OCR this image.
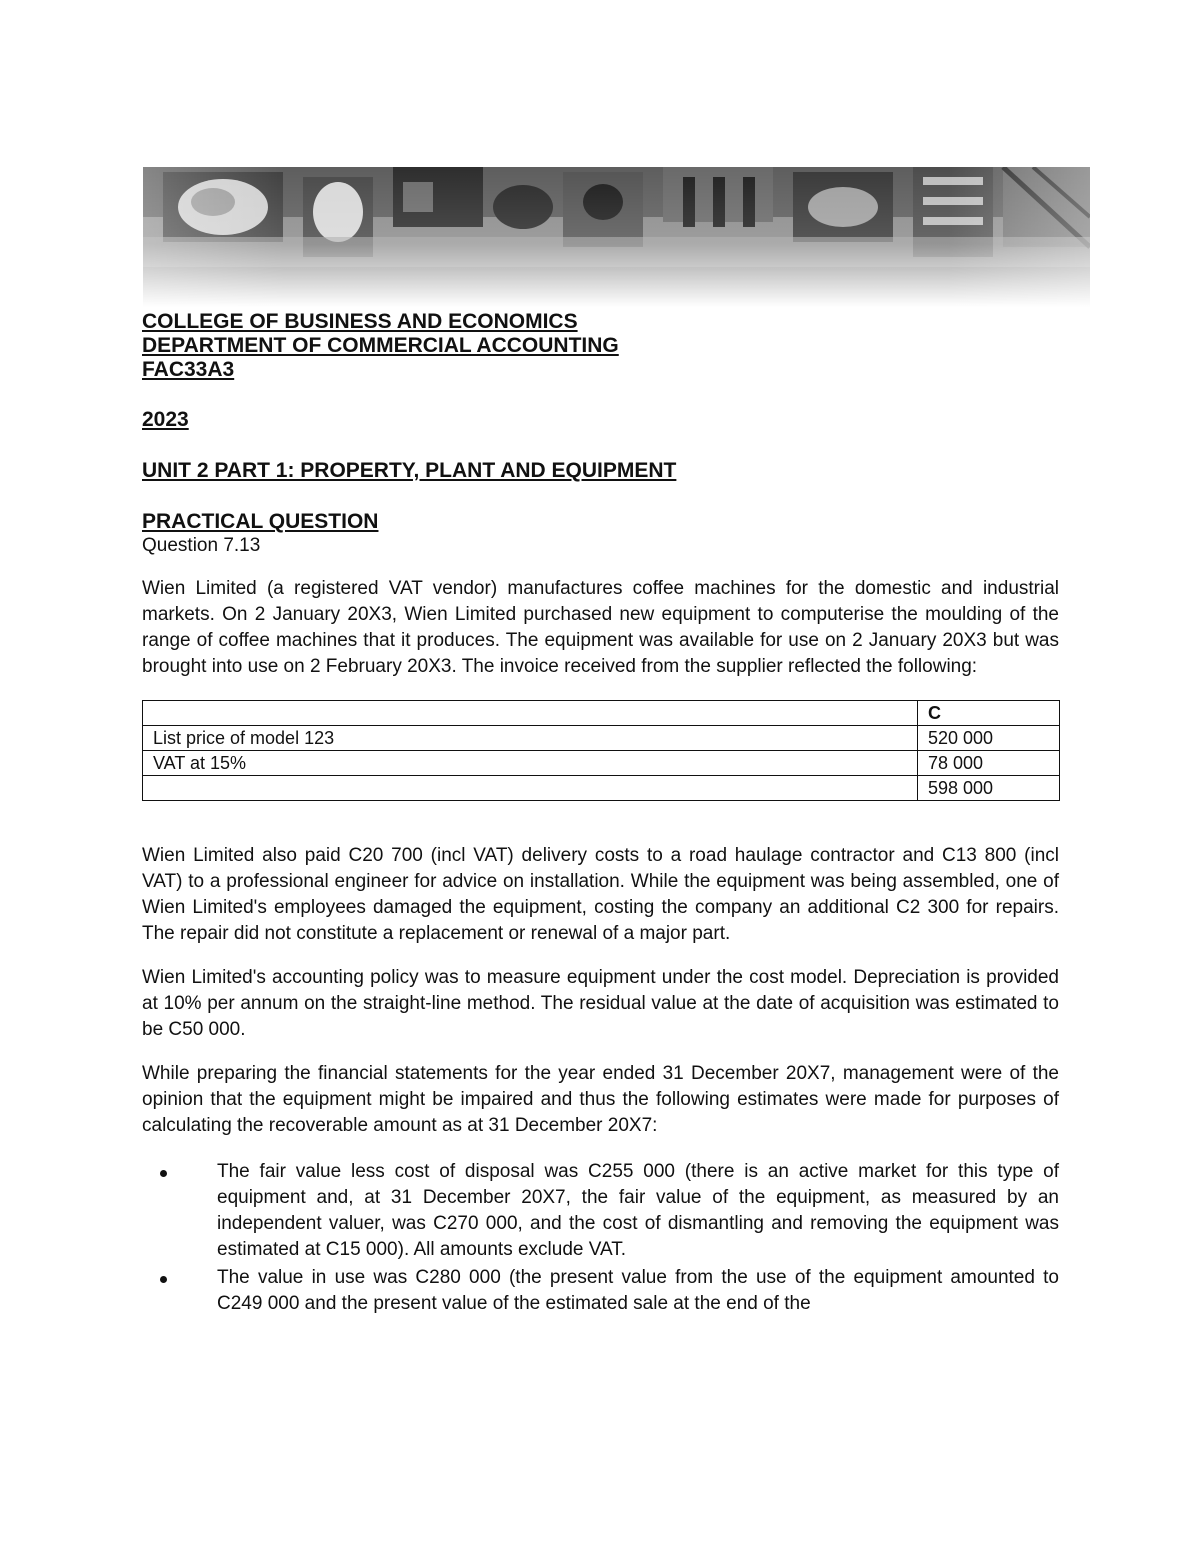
COLLEGE OF BUSINESS AND ECONOMICS

DEPARTMENT OF COMMERCIAL ACCOUNTING

FAC33A3

2023

UNIT 2 PART 1: PROPERTY, PLANT AND EQUIPMENT

PRACTICAL QUESTION

Question 7.13

Wien Limited (a registered VAT vendor) manufactures coffee machines for the domestic and industrial markets. On 2 January 20X3, Wien Limited purchased new equipment to computerise the moulding of the range of coffee machines that it produces. The equipment was available for use on 2 January 20X3 but was brought into use on 2 February 20X3. The invoice received from the supplier reflected the following:

	C
List price of model 123	520 000
VAT at 15%	78 000
	598 000

Wien Limited also paid C20 700 (incl VAT) delivery costs to a road haulage contractor and C13 800 (incl VAT) to a professional engineer for advice on installation. While the equipment was being assembled, one of Wien Limited's employees damaged the equipment, costing the company an additional C2 300 for repairs. The repair did not constitute a replacement or renewal of a major part.

Wien Limited's accounting policy was to measure equipment under the cost model. Depreciation is provided at 10% per annum on the straight-line method. The residual value at the date of acquisition was estimated to be C50 000.

While preparing the financial statements for the year ended 31 December 20X7, management were of the opinion that the equipment might be impaired and thus the following estimates were made for purposes of calculating the recoverable amount as at 31 December 20X7:

The fair value less cost of disposal was C255 000 (there is an active market for this type of equipment and, at 31 December 20X7, the fair value of the equipment, as measured by an independent valuer, was C270 000, and the cost of dismantling and removing the equipment was estimated at C15 000). All amounts exclude VAT.
The value in use was C280 000 (the present value from the use of the equipment amounted to C249 000 and the present value of the estimated sale at the end of the
